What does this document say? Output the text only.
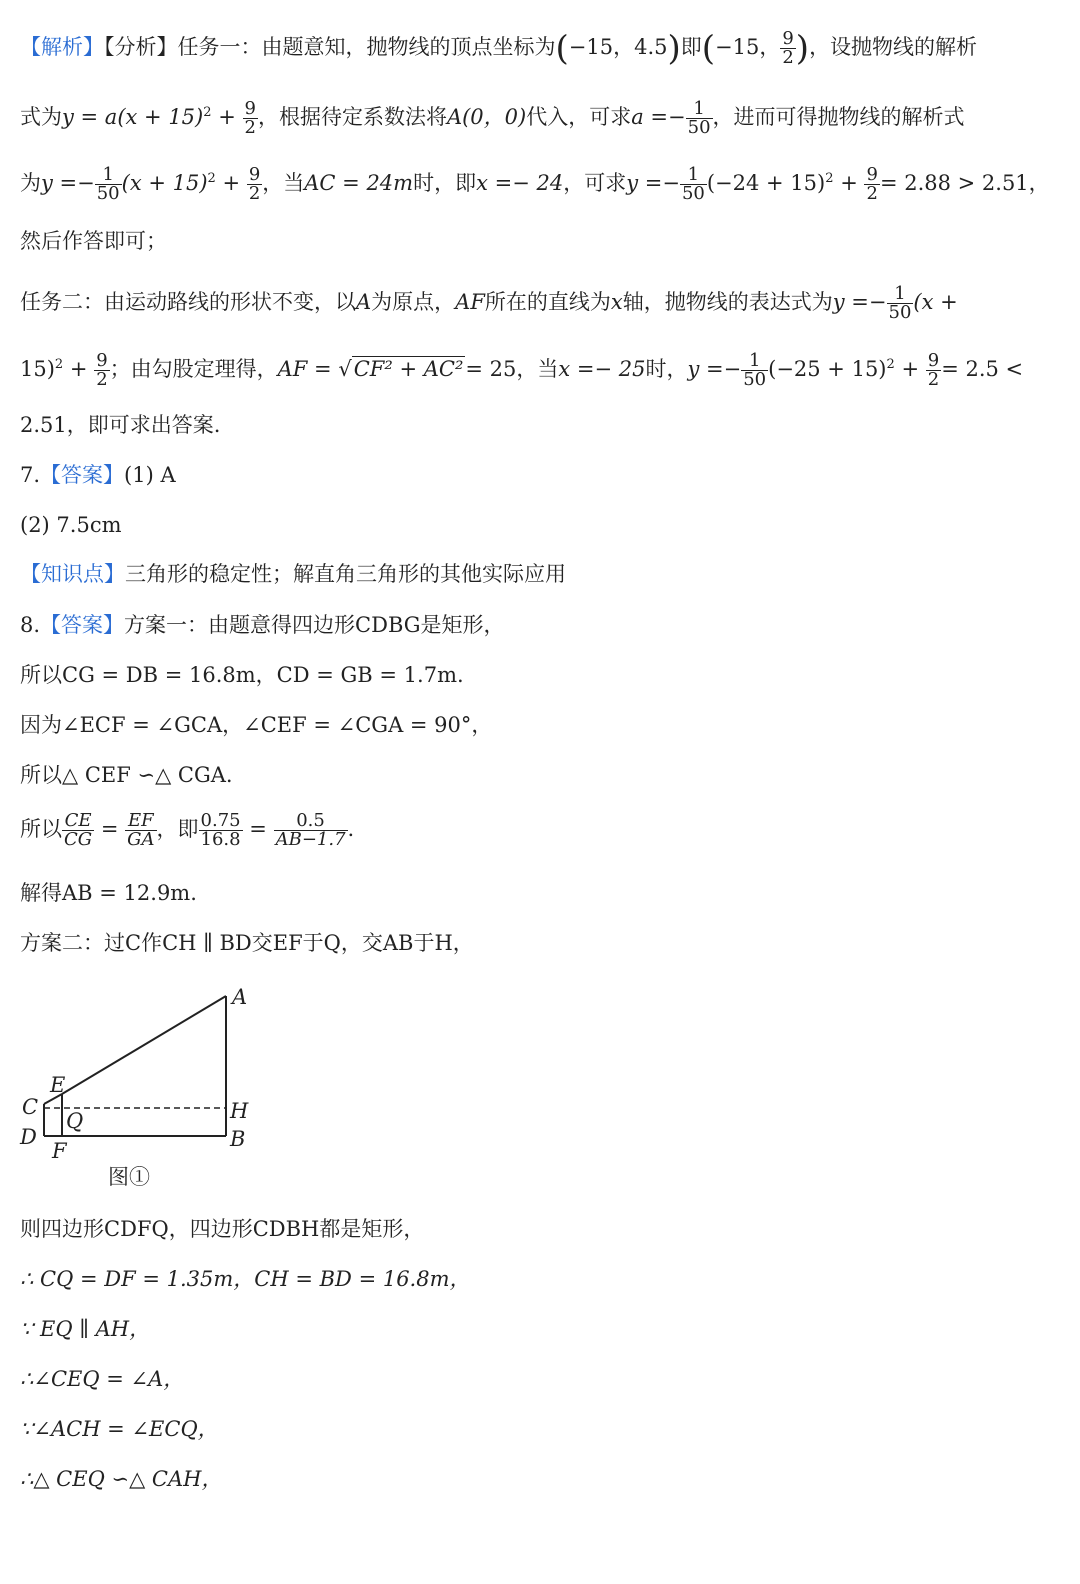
【解析】【分析】任务一：由题意知，抛物线的顶点坐标为(−15，4.5)即(−15， $\frac{9}{2}$ )，设抛物线的解析
式为$y = a(x + 15)^2 + \frac{9}{2}$ ，根据待定系数法将A(0，0)代入，可求$a =- \frac{1}{50}$ ，进而可得抛物线的解析式
为$y =- \frac{1}{50} (x + 15)^2 + \frac{9}{2}$ ，当AC = 24m时，即x =− 24，可求$y =- \frac{1}{50} (-24 + 15)^2 + \frac{9}{2} = 2.88 > 2.51$，
然后作答即可；
任务二：由运动路线的形状不变，以A为原点，AF所在的直线为x轴，抛物线的表达式为$y =- \frac{1}{50} (x$ +
$15)^2 + \frac{9}{2}$ ；由勾股定理得，AF = √CF² + AC²= 25，当x =− 25时，$y =- \frac{1}{50} (-25 + 15)^2 + \frac{9}{2} = 2.5$ <
2.51，即可求出答案.
7.【答案】(1) A
(2) 7.5cm
【知识点】三角形的稳定性；解直角三角形的其他实际应用
8.【答案】方案一：由题意得四边形CDBG是矩形，
所以CG = DB = 16.8m，CD = GB = 1.7m.
因为∠ECF = ∠GCA，∠CEF = ∠CGA = 90°，
所以△ CEF ∽△ CGA.
所以 $\frac{CE}{CG} = \frac{EF}{GA}$ ，即 $\frac{0.75}{16.8} = \frac{0.5}{AB-1.7}$ .
解得AB = 12.9m.
方案二：过C作CH ∥ BD交EF于Q，交AB于H，
A
E
C
Q	H
D
F	B
图①
则四边形CDFQ，四边形CDBH都是矩形，
∴ CQ = DF = 1.35m，CH = BD = 16.8m，
∵ EQ ∥ AH，
∴∠CEQ = ∠A，
∵∠ACH = ∠ECQ，
∴△ CEQ ∽△ CAH，
